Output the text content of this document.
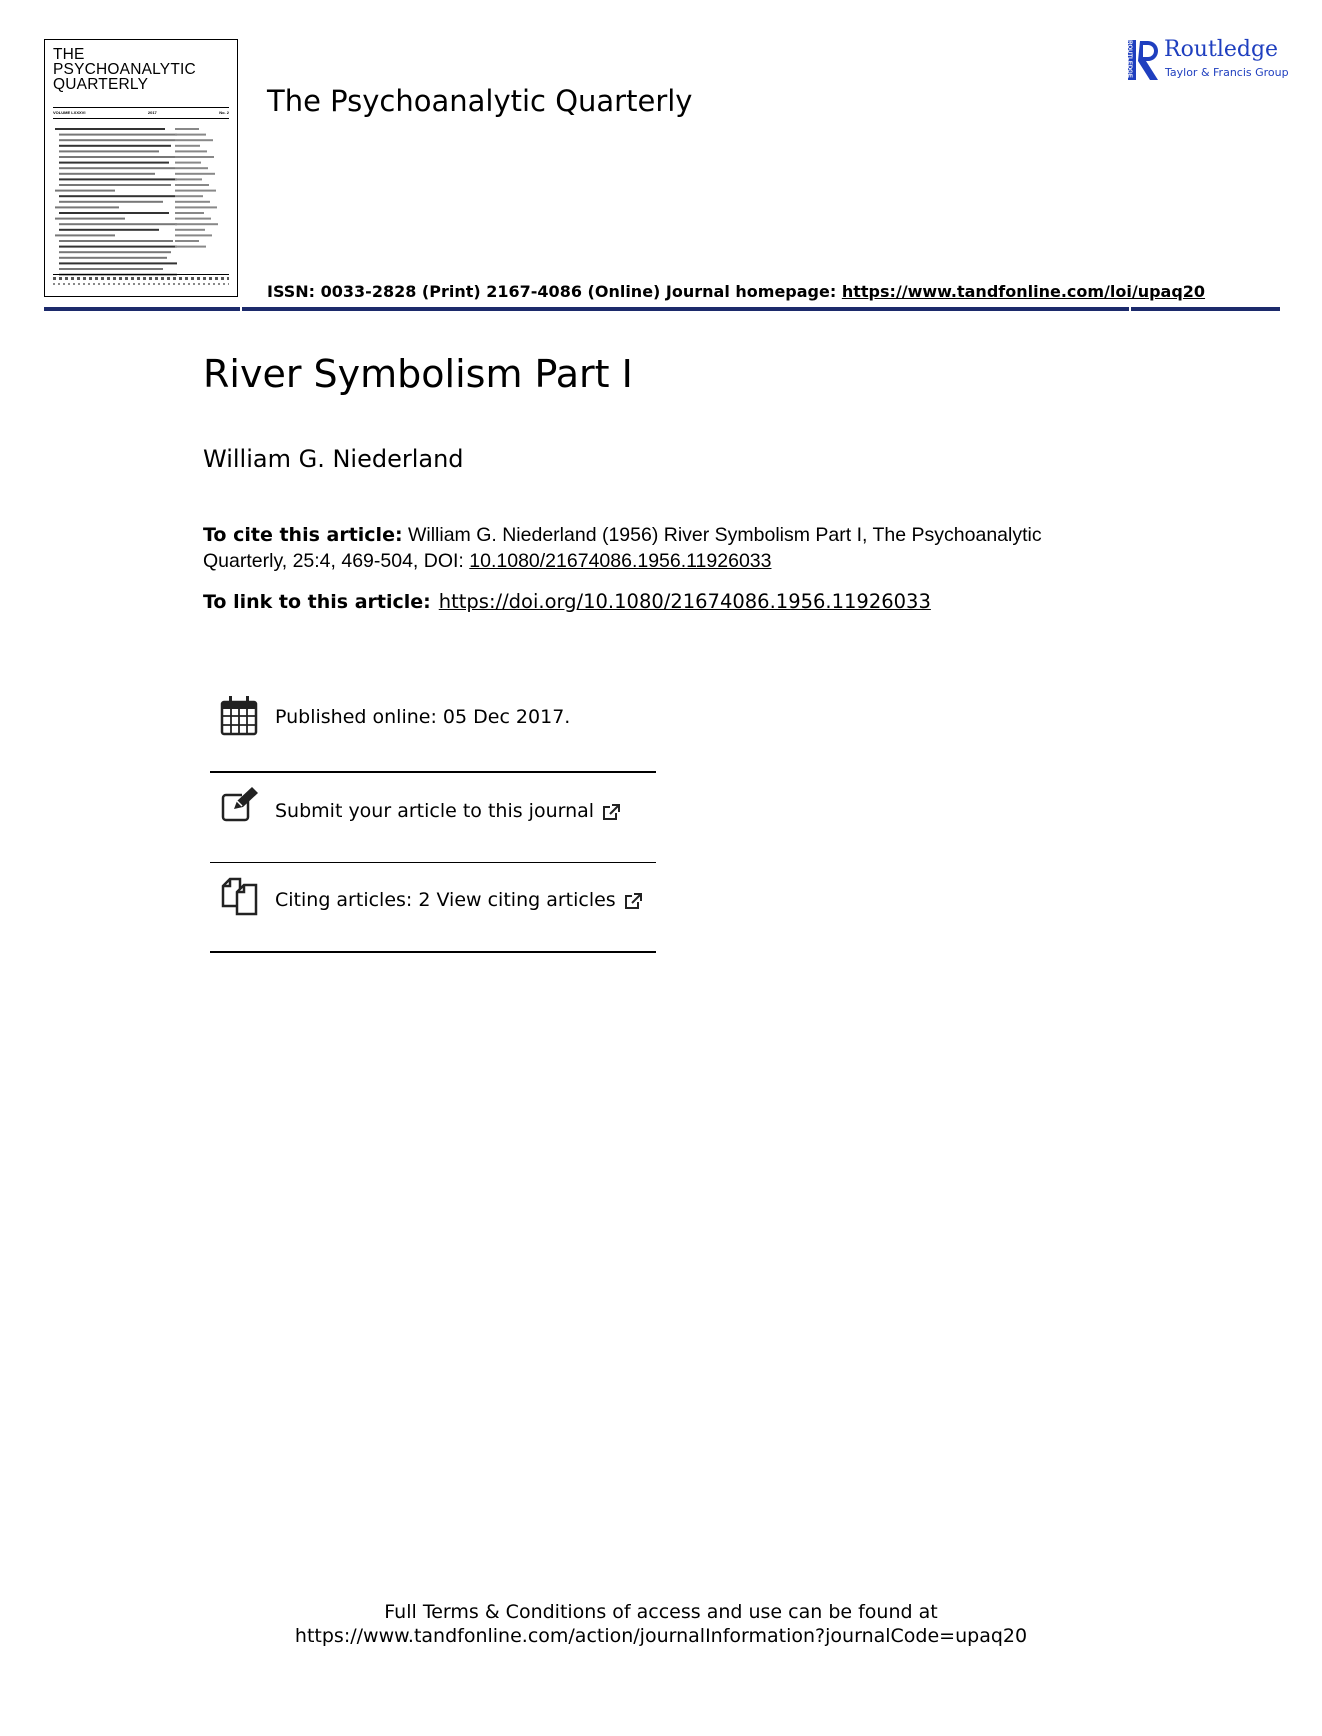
THE
PSYCHOANALYTIC
QUARTERLY
VOLUME LXXXVI	2017	No. 2 The Psychoanalytic Quarterly
ROUTLEDGE Routledge
Taylor & Francis Group
ISSN: 0033-2828 (Print) 2167-4086 (Online) Journal homepage: https://www.tandfonline.com/loi/upaq20
River Symbolism Part I
William G. Niederland
To cite this article: William G. Niederland (1956) River Symbolism Part I, The Psychoanalytic Quarterly, 25:4, 469-504, DOI: 10.1080/21674086.1956.11926033
To link to this article: https://doi.org/10.1080/21674086.1956.11926033
Published online: 05 Dec 2017.
Submit your article to this journal
Citing articles: 2 View citing articles
Full Terms & Conditions of access and use can be found at
https://www.tandfonline.com/action/journalInformation?journalCode=upaq20
